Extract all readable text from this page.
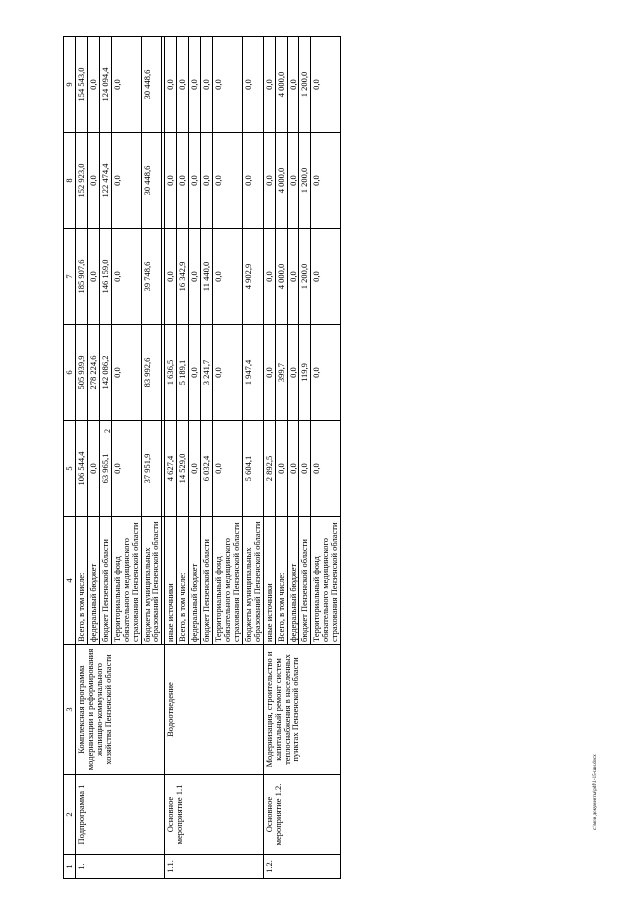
2
1	2	3	4	5	6	7	8	9
1.	Подпрограмма 1	Комплексная программа модернизации и реформирования жилищно-коммунального хозяйства Пензенской области	Всего, в том числе:	106 544,4	505 939,9	185 907,6	152 923,0	154 543,0
			федеральный бюджет	0,0	278 224,6	0,0	0,0	0,0
			бюджет Пензенской области	63 965,1	142 086,2	146 159,0	122 474,4	124 094,4
			Территориальный фонд обязательного медицинского страхования Пензенской области	0,0	0,0	0,0	0,0	0,0
			бюджеты муниципальных образований Пензенской области	37 951,9	83 992,6	39 748,6	30 448,6	30 448,6

1.1.	Основное мероприятие 1.1	Водоотведение	иные источники	4 627,4	1 636,5	0,0	0,0	0,0
			Всего, в том числе:	14 529,0	5 189,1	16 342,9	0,0	0,0
			федеральный бюджет	0,0	0,0	0,0	0,0	0,0
			бюджет Пензенской области	6 032,4	3 241,7	11 440,0	0,0	0,0
			Территориальный фонд обязательного медицинского страхования Пензенской области	0,0	0,0	0,0	0,0	0,0
			бюджеты муниципальных образований Пензенской области	5 604,1	1 947,4	4 902,9	0,0	0,0
1.2.	Основное мероприятие 1.2.	Модернизация, строительство и капитальный ремонт систем теплоснабжения в населенных пунктах Пензенской области	иные источники	2 892,5	0,0	0,0	0,0	0,0
			Всего, в том числе:	0,0	399,7	4 000,0	4 000,0	4 000,0
			федеральный бюджет	0,0	0,0	0,0	0,0	0,0
			бюджет Пензенской области	0,0	119,9	1 200,0	1 200,0	1 200,0
			Территориальный фонд обязательного медицинского страхования Пензенской области	0,0	0,0	0,0	0,0	0,0
c:\мои документы\pdf\1-15-ши.docx
